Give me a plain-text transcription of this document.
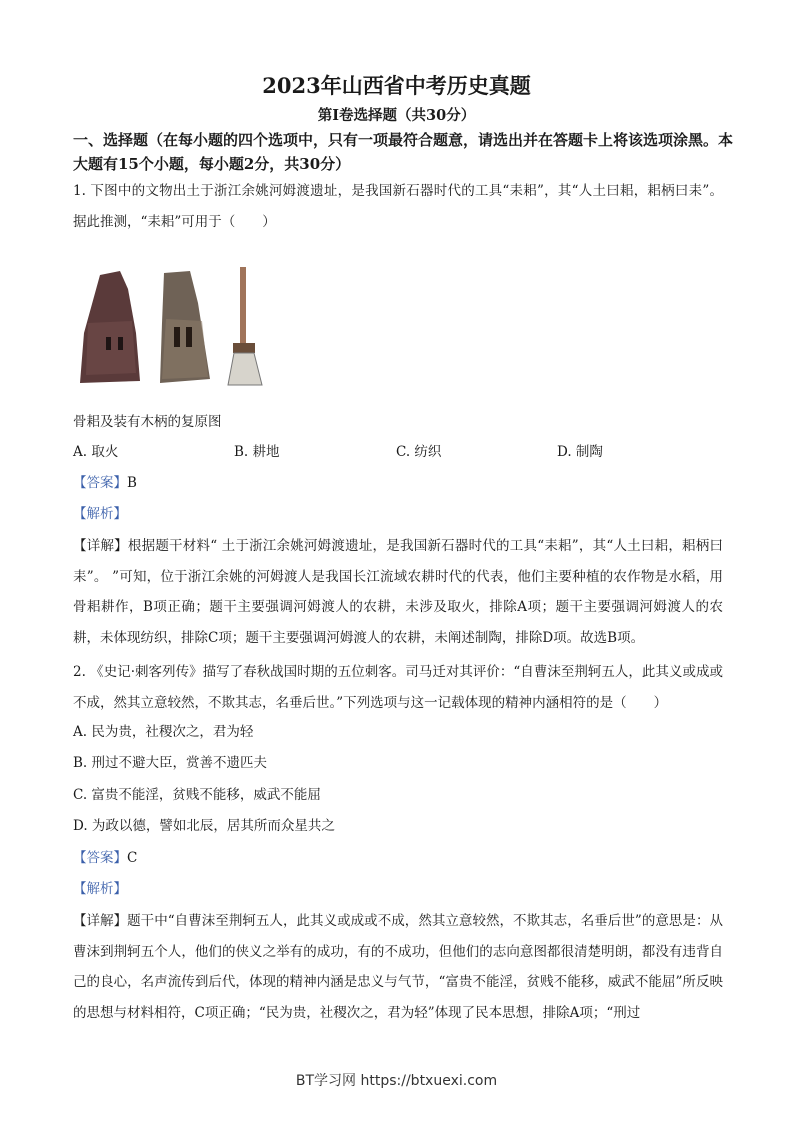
2023年山西省中考历史真题
第I卷选择题（共30分）
一、选择题（在每小题的四个选项中，只有一项最符合题意，请选出并在答题卡上将该选项涂黑。本大题有15个小题，每小题2分，共30分）
1. 下图中的文物出土于浙江余姚河姆渡遗址，是我国新石器时代的工具“耒耜”，其“人土曰耜，耜柄曰耒”。据此推测，“耒耜”可用于（　　）
骨耜及装有木柄的复原图
A. 取火	B. 耕地	C. 纺织	D. 制陶
【答案】B
【解析】
【详解】根据题干材料“ 土于浙江余姚河姆渡遗址，是我国新石器时代的工具“耒耜”，其“人土曰耜，耜柄曰耒”。 ”可知，位于浙江余姚的河姆渡人是我国长江流域农耕时代的代表，他们主要种植的农作物是水稻，用骨耜耕作，B项正确；题干主要强调河姆渡人的农耕，未涉及取火，排除A项；题干主要强调河姆渡人的农耕，未体现纺织，排除C项；题干主要强调河姆渡人的农耕，未阐述制陶，排除D项。故选B项。
2. 《史记·刺客列传》描写了春秋战国时期的五位刺客。司马迁对其评价：“自曹沫至荆轲五人，此其义或成或不成，然其立意较然，不欺其志，名垂后世。”下列选项与这一记载体现的精神内涵相符的是（　　）
A. 民为贵，社稷次之，君为轻
B. 刑过不避大臣，赏善不遗匹夫
C. 富贵不能淫，贫贱不能移，威武不能屈
D. 为政以德，譬如北辰，居其所而众星共之
【答案】C
【解析】
【详解】题干中“自曹沫至荆轲五人，此其义或成或不成，然其立意较然，不欺其志，名垂后世”的意思是：从曹沫到荆轲五个人，他们的侠义之举有的成功，有的不成功，但他们的志向意图都很清楚明朗，都没有违背自己的良心，名声流传到后代，体现的精神内涵是忠义与气节，“富贵不能淫，贫贱不能移，威武不能屈”所反映的思想与材料相符，C项正确；“民为贵，社稷次之，君为轻”体现了民本思想，排除A项；“刑过
BT学习网 https://btxuexi.com
